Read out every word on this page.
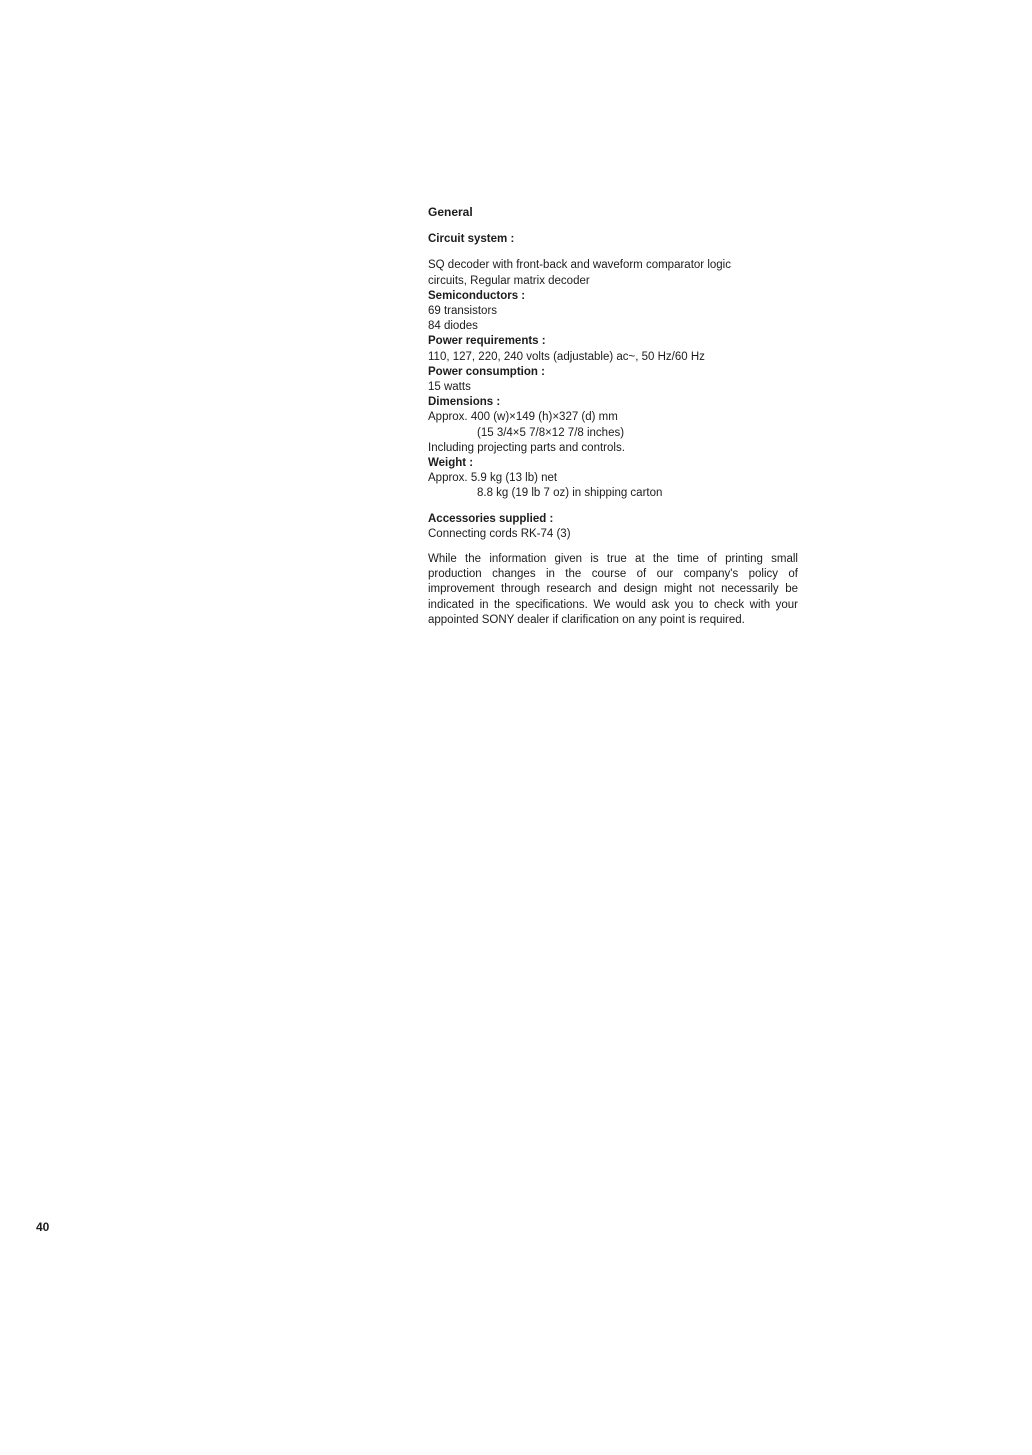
General
Circuit system :
SQ decoder with front-back and waveform comparator logic
circuits, Regular matrix decoder
Semiconductors :
69 transistors
84 diodes
Power requirements :
110, 127, 220, 240 volts (adjustable) ac~, 50 Hz/60 Hz
Power consumption :
15 watts
Dimensions :
Approx. 400 (w)×149 (h)×327 (d) mm
(15 3/4×5 7/8×12 7/8 inches)
Including projecting parts and controls.
Weight :
Approx. 5.9 kg (13 lb) net
8.8 kg (19 lb 7 oz) in shipping carton
Accessories supplied :
Connecting cords RK-74 (3)
While the information given is true at the time of printing small production changes in the course of our company's policy of improvement through research and design might not necessarily be indicated in the specifications. We would ask you to check with your appointed SONY dealer if clarification on any point is required.
40
